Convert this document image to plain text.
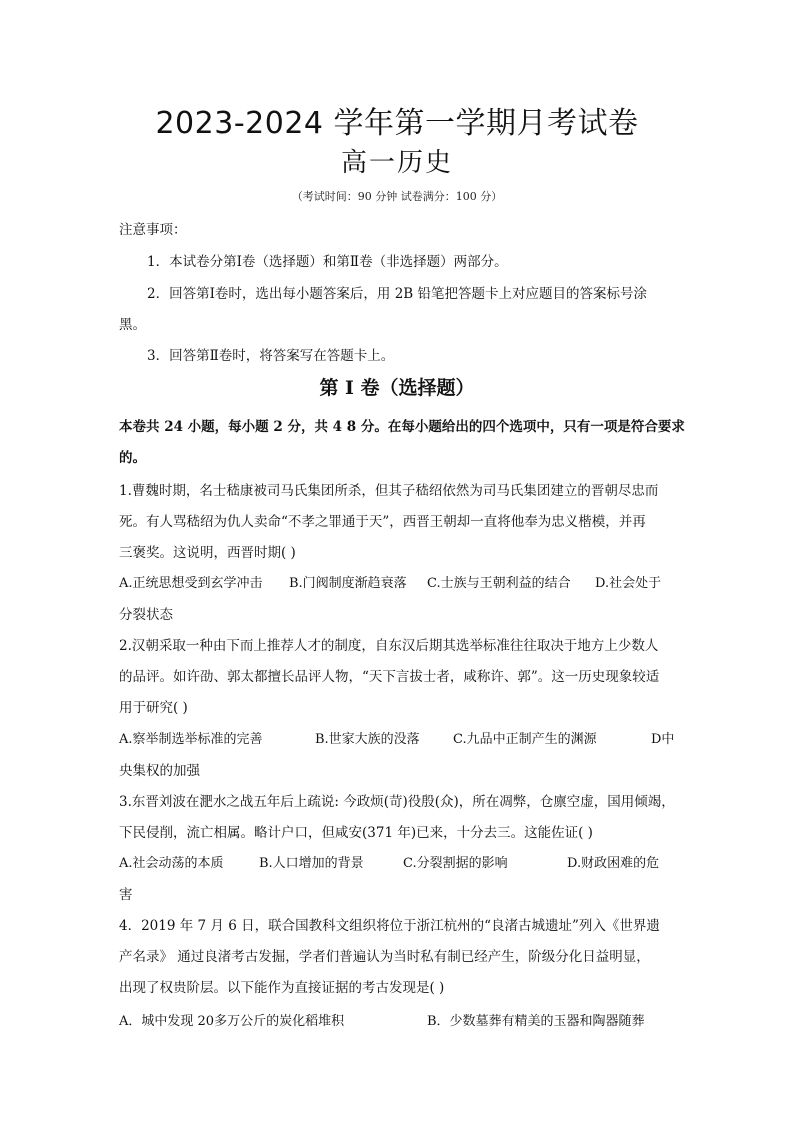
2023-2024 学年第一学期月考试卷
高一历史
（考试时间：90 分钟 试卷满分：100 分）
注意事项：
1．本试卷分第Ⅰ卷（选择题）和第Ⅱ卷（非选择题）两部分。
2．回答第Ⅰ卷时，选出每小题答案后，用 2B 铅笔把答题卡上对应题目的答案标号涂
黑。
3．回答第Ⅱ卷时，将答案写在答题卡上。
第 I 卷（选择题）
本卷共 24 小题，每小题 2 分，共 4 8 分。在每小题给出的四个选项中，只有一项是符合要求
的。
1.曹魏时期，名士嵇康被司马氏集团所杀，但其子嵇绍依然为司马氏集团建立的晋朝尽忠而
死。有人骂嵇绍为仇人卖命“不孝之罪通于天”，西晋王朝却一直将他奉为忠义楷模，并再
三褒奖。这说明，西晋时期( )
A.正统思想受到玄学冲击 B.门阀制度渐趋衰落 C.士族与王朝利益的结合 D.社会处于
分裂状态
2.汉朝采取一种由下而上推荐人才的制度，自东汉后期其选举标准往往取决于地方上少数人
的品评。如许劭、郭太都擅长品评人物，“天下言拔士者，咸称许、郭”。这一历史现象较适
用于研究( )
A.察举制选举标准的完善	B.世家大族的没落	C.九品中正制产生的渊源	D中
央集权的加强
3.东晋刘波在淝水之战五年后上疏说: 今政烦(苛)役殷(众)，所在凋弊，仓廪空虚，国用倾竭，
下民侵削，流亡相属。略计户口，但咸安(371 年)已来，十分去三。这能佐证( )
A.社会动荡的本质	B.人口增加的背景	C.分裂割据的影响	D.财政困难的危
害
4．2019 年 7 月 6 日，联合国教科文组织将位于浙江杭州的“良渚古城遗址”列入《世界遗
产名录》 通过良渚考古发掘，学者们普遍认为当时私有制已经产生，阶级分化日益明显，
出现了权贵阶层。以下能作为直接证据的考古发现是( )
A．城中发现 20多万公斤的炭化稻堆积	B．少数墓葬有精美的玉器和陶器随葬
